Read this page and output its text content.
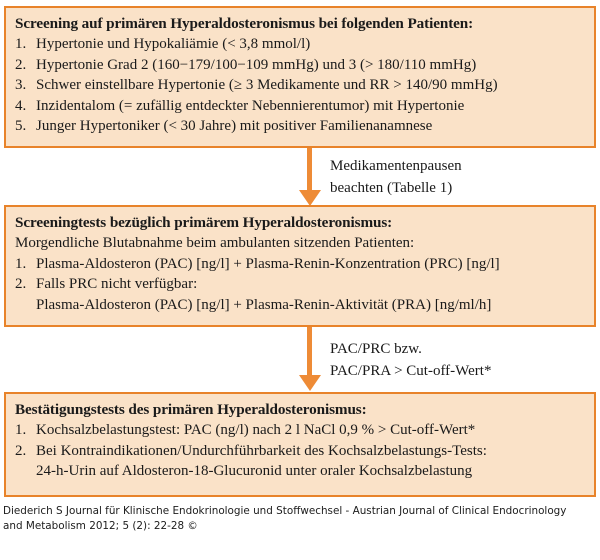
Screening auf primären Hyperaldosteronismus bei folgenden Patienten:
1. Hypertonie und Hypokaliämie (< 3,8 mmol/l)
2. Hypertonie Grad 2 (160−179/100−109 mmHg) und 3 (> 180/110 mmHg)
3. Schwer einstellbare Hypertonie (≥ 3 Medikamente und RR > 140/90 mmHg)
4. Inzidentalom (= zufällig entdeckter Nebennierentumor) mit Hypertonie
5. Junger Hypertoniker (< 30 Jahre) mit positiver Familienanamnese
Medikamentenpausen
beachten (Tabelle 1)
Screeningtests bezüglich primärem Hyperaldosteronismus:
Morgendliche Blutabnahme beim ambulanten sitzenden Patienten:
1. Plasma-Aldosteron (PAC) [ng/l] + Plasma-Renin-Konzentration (PRC) [ng/l]
2. Falls PRC nicht verfügbar:
Plasma-Aldosteron (PAC) [ng/l] + Plasma-Renin-Aktivität (PRA) [ng/ml/h]
PAC/PRC bzw.
PAC/PRA > Cut-off-Wert*
Bestätigungstests des primären Hyperaldosteronismus:
1. Kochsalzbelastungstest: PAC (ng/l) nach 2 l NaCl 0,9 % > Cut-off-Wert*
2. Bei Kontraindikationen/Undurchführbarkeit des Kochsalzbelastungs-Tests:
24-h-Urin auf Aldosteron-18-Glucuronid unter oraler Kochsalzbelastung
Diederich S Journal für Klinische Endokrinologie und Stoffwechsel - Austrian Journal of Clinical Endocrinology
and Metabolism 2012; 5 (2): 22-28 ©
